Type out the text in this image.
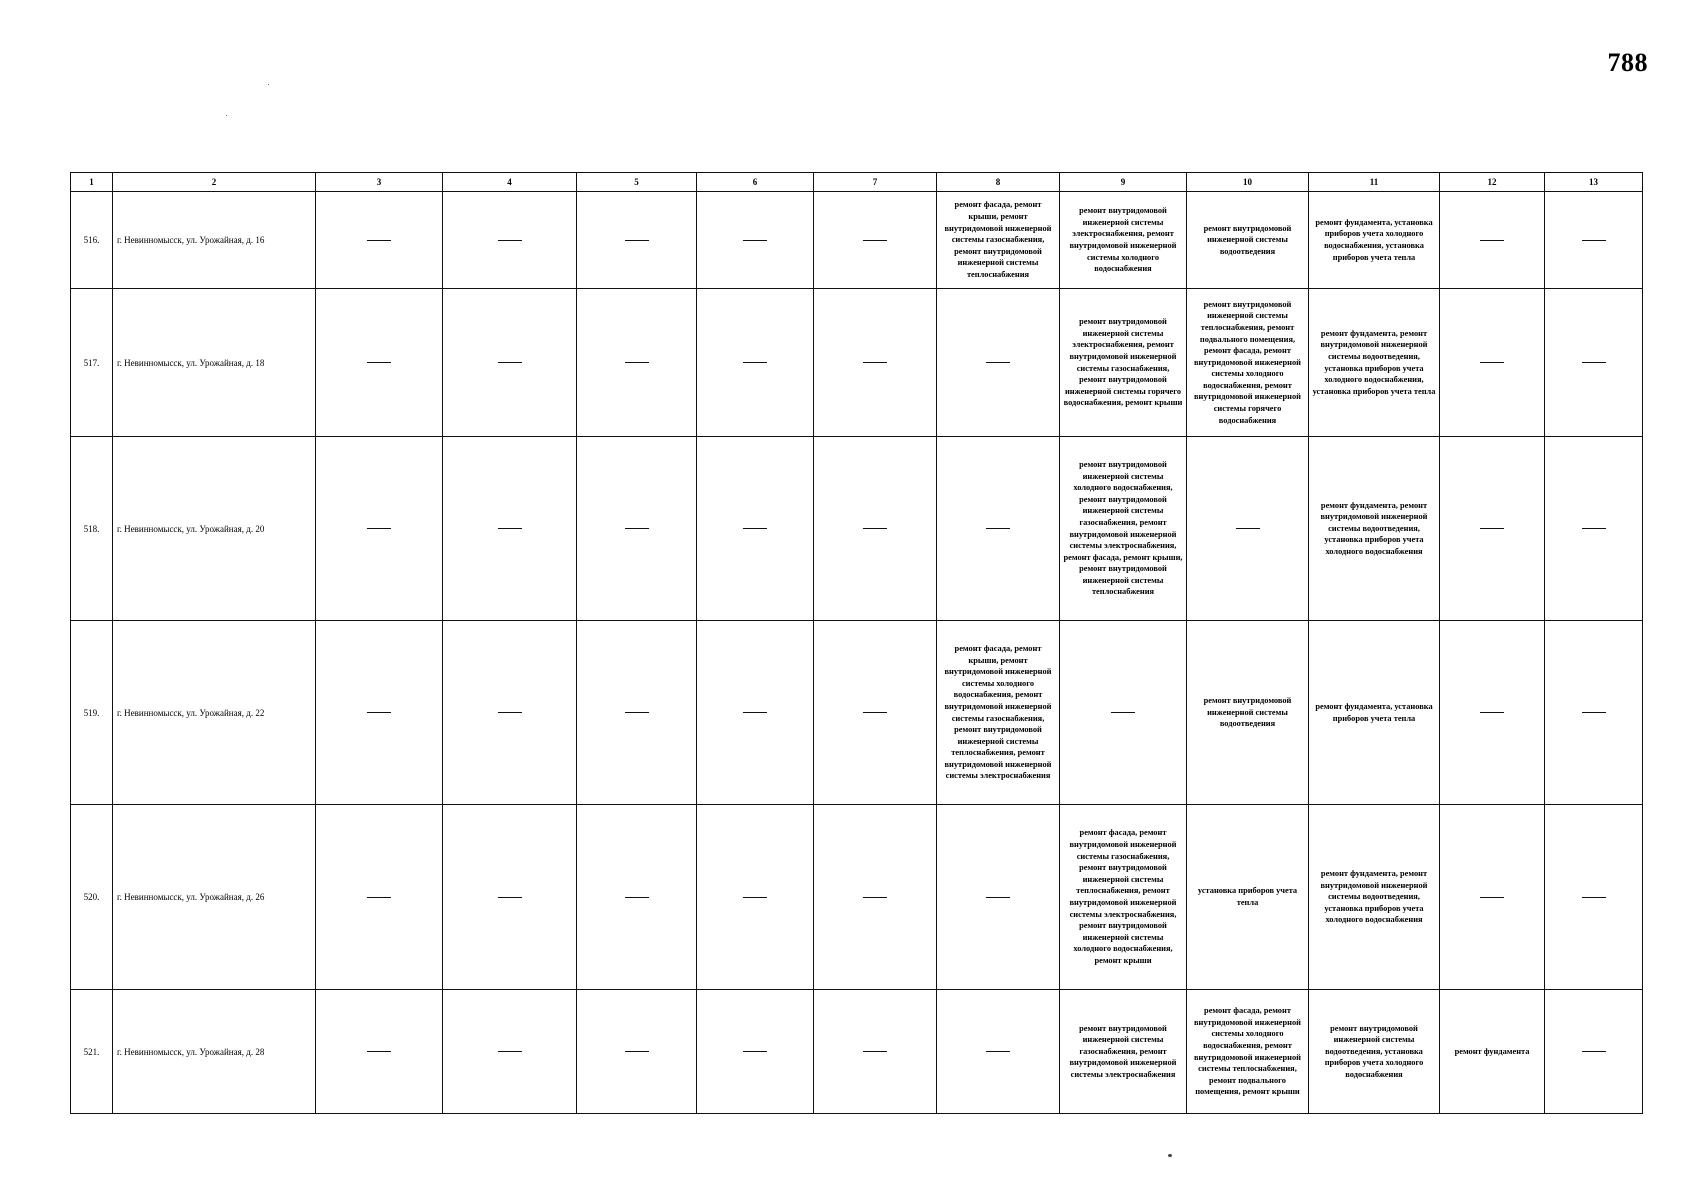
788
1	2	3	4	5	6	7	8	9	10	11	12	13
516.	г. Невинномысск, ул. Урожайная, д. 16						ремонт фасада, ремонт крыши, ремонт внутридомовой инженерной системы газоснабжения, ремонт внутридомовой инженерной системы теплоснабжения	ремонт внутридомовой инженерной системы электроснабжения, ремонт внутридомовой инженерной системы холодного водоснабжения	ремонт внутридомовой инженерной системы водоотведения	ремонт фундамента, установка приборов учета холодного водоснабжения, установка приборов учета тепла		
517.	г. Невинномысск, ул. Урожайная, д. 18							ремонт внутридомовой инженерной системы электроснабжения, ремонт внутридомовой инженерной системы газоснабжения, ремонт внутридомовой инженерной системы горячего водоснабжения, ремонт крыши	ремонт внутридомовой инженерной системы теплоснабжения, ремонт подвального помещения, ремонт фасада, ремонт внутридомовой инженерной системы холодного водоснабжения, ремонт внутридомовой инженерной системы горячего водоснабжения	ремонт фундамента, ремонт внутридомовой инженерной системы водоотведения, установка приборов учета холодного водоснабжения, установка приборов учета тепла		
518.	г. Невинномысск, ул. Урожайная, д. 20							ремонт внутридомовой инженерной системы холодного водоснабжения, ремонт внутридомовой инженерной системы газоснабжения, ремонт внутридомовой инженерной системы электроснабжения, ремонт фасада, ремонт крыши, ремонт внутридомовой инженерной системы теплоснабжения		ремонт фундамента, ремонт внутридомовой инженерной системы водоотведения, установка приборов учета холодного водоснабжения		
519.	г. Невинномысск, ул. Урожайная, д. 22						ремонт фасада, ремонт крыши, ремонт внутридомовой инженерной системы холодного водоснабжения, ремонт внутридомовой инженерной системы газоснабжения, ремонт внутридомовой инженерной системы теплоснабжения, ремонт внутридомовой инженерной системы электроснабжения		ремонт внутридомовой инженерной системы водоотведения	ремонт фундамента, установка приборов учета тепла		
520.	г. Невинномысск, ул. Урожайная, д. 26							ремонт фасада, ремонт внутридомовой инженерной системы газоснабжения, ремонт внутридомовой инженерной системы теплоснабжения, ремонт внутридомовой инженерной системы электроснабжения, ремонт внутридомовой инженерной системы холодного водоснабжения, ремонт крыши	установка приборов учета тепла	ремонт фундамента, ремонт внутридомовой инженерной системы водоотведения, установка приборов учета холодного водоснабжения		
521.	г. Невинномысск, ул. Урожайная, д. 28							ремонт внутридомовой инженерной системы газоснабжения, ремонт внутридомовой инженерной системы электроснабжения	ремонт фасада, ремонт внутридомовой инженерной системы холодного водоснабжения, ремонт внутридомовой инженерной системы теплоснабжения, ремонт подвального помещения, ремонт крыши	ремонт внутридомовой инженерной системы водоотведения, установка приборов учета холодного водоснабжения	ремонт фундамента	
